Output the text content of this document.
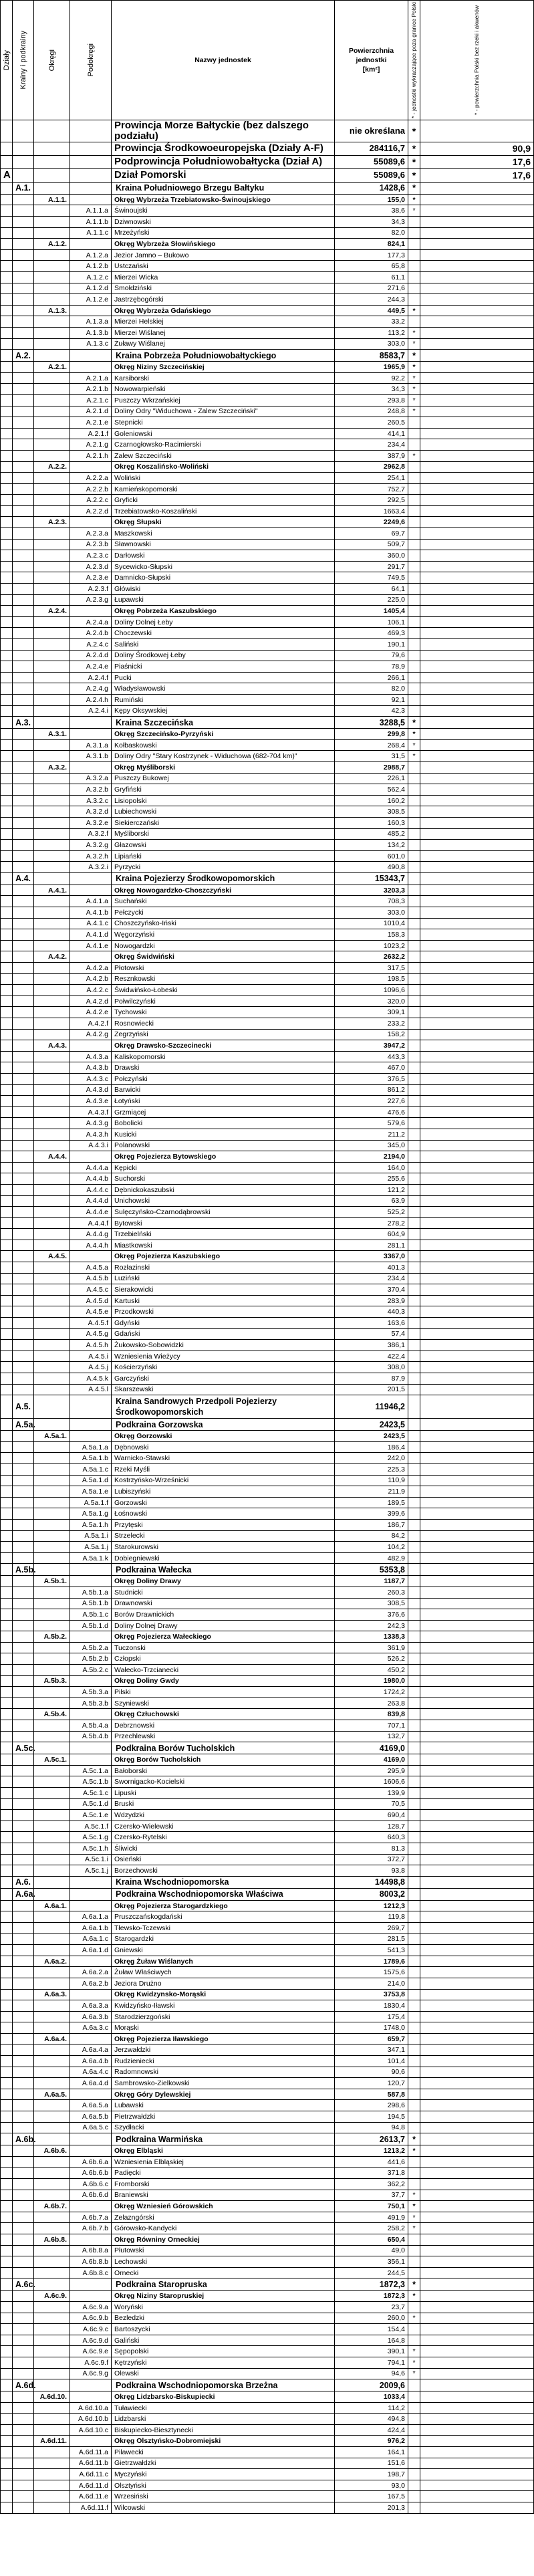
Działy	Krainy i podkrainy	Okręgi	Podokręgi	Nazwy jednostek	Powierzchnia
jednostki
[km²]	* - jednostki wykraczające poza granice Polski	* - powierzchnia Polski bez rzeki i akwenów

				Prowincja Morze Bałtyckie (bez dalszego podziału)	nie określana	*	
				Prowincja Środkowoeuropejska (Działy A-F)	284116,7	*	90,9
				Podprowincja Południowobałtycka (Dział A)	55089,6	*	17,6
A				Dział Pomorski	55089,6	*	17,6
	A.1.			Kraina Południowego Brzegu Bałtyku	1428,6	*	
		A.1.1.		Okręg Wybrzeża Trzebiatowsko-Świnoujskiego	155,0	*	
			A.1.1.a	Świnoujski	38,6	*	
			A.1.1.b	Dziwnowski	34,3		
			A.1.1.c	Mrzeżyński	82,0		
		A.1.2.		Okręg Wybrzeża Słowińskiego	824,1		
			A.1.2.a	Jezior Jamno – Bukowo	177,3		
			A.1.2.b	Ustczański	65,8		
			A.1.2.c	Mierzei Wicka	61,1		
			A.1.2.d	Smołdziński	271,6		
			A.1.2.e	Jastrzębogórski	244,3		
		A.1.3.		Okręg Wybrzeża Gdańskiego	449,5	*	
			A.1.3.a	Mierzei Helskiej	33,2		
			A.1.3.b	Mierzei Wiślanej	113,2	*	
			A.1.3.c	Żuławy Wiślanej	303,0	*	
	A.2.			Kraina Pobrzeża Południowobałtyckiego	8583,7	*	
		A.2.1.		Okręg Niziny Szczecińskiej	1965,9	*	
			A.2.1.a	Karsiborski	92,2	*	
			A.2.1.b	Nowowarpieński	34,3	*	
			A.2.1.c	Puszczy Wkrzańskiej	293,8	*	
			A.2.1.d	Doliny Odry "Widuchowa - Zalew Szczeciński"	248,8	*	
			A.2.1.e	Stepnicki	260,5		
			A.2.1.f	Goleniowski	414,1		
			A.2.1.g	Czarnogłowsko-Racimierski	234,4		
			A.2.1.h	Zalew Szczeciński	387,9	*	
		A.2.2.		Okręg Koszalińsko-Woliński	2962,8		
			A.2.2.a	Woliński	254,1		
			A.2.2.b	Kamieńskopomorski	752,7		
			A.2.2.c	Gryficki	292,5		
			A.2.2.d	Trzebiatowsko-Koszaliński	1663,4		
		A.2.3.		Okręg Słupski	2249,6		
			A.2.3.a	Maszkowski	69,7		
			A.2.3.b	Sławnowski	509,7		
			A.2.3.c	Darłowski	360,0		
			A.2.3.d	Sycewicko-Słupski	291,7		
			A.2.3.e	Damnicko-Słupski	749,5		
			A.2.3.f	Główiski	64,1		
			A.2.3.g	Łupawski	225,0		
		A.2.4.		Okręg Pobrzeża Kaszubskiego	1405,4		
			A.2.4.a	Doliny Dolnej Łeby	106,1		
			A.2.4.b	Choczewski	469,3		
			A.2.4.c	Saliński	190,1		
			A.2.4.d	Doliny Środkowej Łeby	79,6		
			A.2.4.e	Piaśnicki	78,9		
			A.2.4.f	Pucki	266,1		
			A.2.4.g	Władysławowski	82,0		
			A.2.4.h	Rumiński	92,1		
			A.2.4.i	Kępy Oksywskiej	42,3		
	A.3.			Kraina Szczecińska	3288,5	*	
		A.3.1.		Okręg Szczecińsko-Pyrzyński	299,8	*	
			A.3.1.a	Kołbaskowski	268,4	*	
			A.3.1.b	Doliny Odry "Stary Kostrzynek - Widuchowa (682-704 km)"	31,5	*	
		A.3.2.		Okręg Myśliborski	2988,7		
			A.3.2.a	Puszczy Bukowej	226,1		
			A.3.2.b	Gryfiński	562,4		
			A.3.2.c	Lisiopolski	160,2		
			A.3.2.d	Lubiechowski	308,5		
			A.3.2.e	Siekierczański	160,3		
			A.3.2.f	Myśliborski	485,2		
			A.3.2.g	Głazowski	134,2		
			A.3.2.h	Lipiański	601,0		
			A.3.2.i	Pyrzycki	490,8		
	A.4.			Kraina Pojezierzy Środkowopomorskich	15343,7		
		A.4.1.		Okręg Nowogardzko-Choszczyński	3203,3		
			A.4.1.a	Suchański	708,3		
			A.4.1.b	Pełczycki	303,0		
			A.4.1.c	Choszczyńsko-Iński	1010,4		
			A.4.1.d	Węgorzyński	158,3		
			A.4.1.e	Nowogardzki	1023,2		
		A.4.2.		Okręg Świdwiński	2632,2		
			A.4.2.a	Płotowski	317,5		
			A.4.2.b	Resznkowski	198,5		
			A.4.2.c	Świdwińsko-Łobeski	1096,6		
			A.4.2.d	Połwilczyński	320,0		
			A.4.2.e	Tychowski	309,1		
			A.4.2.f	Rosnowiecki	233,2		
			A.4.2.g	Zegrzyński	158,2		
		A.4.3.		Okręg Drawsko-Szczecinecki	3947,2		
			A.4.3.a	Kaliskopomorski	443,3		
			A.4.3.b	Drawski	467,0		
			A.4.3.c	Połczyński	376,5		
			A.4.3.d	Barwicki	861,2		
			A.4.3.e	Łotyński	227,6		
			A.4.3.f	Grzmiącej	476,6		
			A.4.3.g	Bobolicki	579,6		
			A.4.3.h	Kusicki	211,2		
			A.4.3.i	Polanowski	345,0		
		A.4.4.		Okręg Pojezierza Bytowskiego	2194,0		
			A.4.4.a	Kępicki	164,0		
			A.4.4.b	Suchorski	255,6		
			A.4.4.c	Dębnickokaszubski	121,2		
			A.4.4.d	Unichowski	63,9		
			A.4.4.e	Sulęczyńsko-Czarnodąbrowski	525,2		
			A.4.4.f	Bytowski	278,2		
			A.4.4.g	Trzebielński	604,9		
			A.4.4.h	Miastkowski	281,1		
		A.4.5.		Okręg Pojezierza Kaszubskiego	3367,0		
			A.4.5.a	Rozłazinski	401,3		
			A.4.5.b	Luziński	234,4		
			A.4.5.c	Sierakowicki	370,4		
			A.4.5.d	Kartuski	283,9		
			A.4.5.e	Przodkowski	440,3		
			A.4.5.f	Gdyński	163,6		
			A.4.5.g	Gdański	57,4		
			A.4.5.h	Żukowsko-Sobowidzki	386,1		
			A.4.5.i	Wzniesienia Wieżycy	422,4		
			A.4.5.j	Kościerzyński	308,0		
			A.4.5.k	Garczyński	87,9		
			A.4.5.l	Skarszewski	201,5		
	A.5.			Kraina Sandrowych Przedpoli Pojezierzy Środkowopomorskich	11946,2		
	A.5a.			Podkraina Gorzowska	2423,5		
		A.5a.1.		Okręg Gorzowski	2423,5		
			A.5a.1.a	Dębnowski	186,4		
			A.5a.1.b	Warnicko-Stawski	242,0		
			A.5a.1.c	Rzeki Myśli	225,3		
			A.5a.1.d	Kostrzyńsko-Wrześnicki	110,9		
			A.5a.1.e	Lubiszyński	211,9		
			A.5a.1.f	Gorzowski	189,5		
			A.5a.1.g	Łośnowski	399,6		
			A.5a.1.h	Przytęski	186,7		
			A.5a.1.i	Strzelecki	84,2		
			A.5a.1.j	Starokurowski	104,2		
			A.5a.1.k	Dobiegniewski	482,9		
	A.5b.			Podkraina Wałecka	5353,8		
		A.5b.1.		Okręg Doliny Drawy	1187,7		
			A.5b.1.a	Studnicki	260,3		
			A.5b.1.b	Drawnowski	308,5		
			A.5b.1.c	Borów Drawnickich	376,6		
			A.5b.1.d	Doliny Dolnej Drawy	242,3		
		A.5b.2.		Okręg Pojezierza Wałeckiego	1338,3		
			A.5b.2.a	Tuczonski	361,9		
			A.5b.2.b	Człopski	526,2		
			A.5b.2.c	Wałecko-Trzcianecki	450,2		
		A.5b.3.		Okręg Doliny Gwdy	1980,0		
			A.5b.3.a	Pilski	1724,2		
			A.5b.3.b	Szyniewski	263,8		
		A.5b.4.		Okręg Człuchowski	839,8		
			A.5b.4.a	Debrznowski	707,1		
			A.5b.4.b	Przechlewski	132,7		
	A.5c.			Podkraina Borów Tucholskich	4169,0		
		A.5c.1.		Okręg Borów Tucholskich	4169,0		
			A.5c.1.a	Bałoborski	295,9		
			A.5c.1.b	Swornigacko-Kocielski	1606,6		
			A.5c.1.c	Lipuski	139,9		
			A.5c.1.d	Bruski	70,5		
			A.5c.1.e	Wdzydzki	690,4		
			A.5c.1.f	Czersko-Wielewski	128,7		
			A.5c.1.g	Czersko-Rytelski	640,3		
			A.5c.1.h	Śliwicki	81,3		
			A.5c.1.i	Osieński	372,7		
			A.5c.1.j	Borzechowski	93,8		
	A.6.			Kraina Wschodniopomorska	14498,8		
	A.6a.			Podkraina Wschodniopomorska Właściwa	8003,2		
		A.6a.1.		Okręg Pojezierza Starogardzkiego	1212,3		
			A.6a.1.a	Pruszczańskogdański	119,8		
			A.6a.1.b	Tłewsko-Tczewski	269,7		
			A.6a.1.c	Starogardzki	281,5		
			A.6a.1.d	Gniewski	541,3		
		A.6a.2.		Okręg Żuław Wiślanych	1789,6		
			A.6a.2.a	Żuław Właściwych	1575,6		
			A.6a.2.b	Jeziora Drużno	214,0		
		A.6a.3.		Okręg Kwidzynsko-Morąski	3753,8		
			A.6a.3.a	Kwidzyńsko-Iławski	1830,4		
			A.6a.3.b	Starodzierzgoński	175,4		
			A.6a.3.c	Morąski	1748,0		
		A.6a.4.		Okręg Pojezierza Iławskiego	659,7		
			A.6a.4.a	Jerzwałdzki	347,1		
			A.6a.4.b	Rudzieniecki	101,4		
			A.6a.4.c	Radomnowski	90,6		
			A.6a.4.d	Sambrowsko-Zielkowski	120,7		
		A.6a.5.		Okręg Góry Dylewskiej	587,8		
			A.6a.5.a	Lubawski	298,6		
			A.6a.5.b	Pietrzwałdzki	194,5		
			A.6a.5.c	Szydłacki	94,8		
	A.6b.			Podkraina Warmińska	2613,7	*	
		A.6b.6.		Okręg Elbląski	1213,2	*	
			A.6b.6.a	Wzniesienia Elbląskiej	441,6		
			A.6b.6.b	Padięcki	371,8		
			A.6b.6.c	Fromborski	362,2		
			A.6b.6.d	Braniewski	37,7	*	
		A.6b.7.		Okręg Wzniesień Górowskich	750,1	*	
			A.6b.7.a	Zelazngórski	491,9	*	
			A.6b.7.b	Górowsko-Kandycki	258,2	*	
		A.6b.8.		Okręg Równiny Orneckiej	650,4		
			A.6b.8.a	Płutowski	49,0		
			A.6b.8.b	Lechowski	356,1		
			A.6b.8.c	Ornecki	244,5		
	A.6c.			Podkraina Staropruska	1872,3	*	
		A.6c.9.		Okręg Niziny Staropruskiej	1872,3	*	
			A.6c.9.a	Woryński	23,7		
			A.6c.9.b	Bezledzki	260,0	*	
			A.6c.9.c	Bartoszycki	154,4		
			A.6c.9.d	Galiński	164,8		
			A.6c.9.e	Sępopolski	390,1	*	
			A.6c.9.f	Kętrzyński	794,1	*	
			A.6c.9.g	Olewski	94,6	*	
	A.6d.			Podkraina Wschodniopomorska Brzeżna	2009,6		
		A.6d.10.		Okręg Lidzbarsko-Biskupiecki	1033,4		
			A.6d.10.a	Tuławiecki	114,2		
			A.6d.10.b	Lidzbarski	494,8		
			A.6d.10.c	Biskupiecko-Biesztynecki	424,4		
		A.6d.11.		Okręg Olsztyńsko-Dobromiejski	976,2		
			A.6d.11.a	Pilawecki	164,1		
			A.6d.11.b	Gietrzwałdzki	151,6		
			A.6d.11.c	Myczyński	198,7		
			A.6d.11.d	Olsztyński	93,0		
			A.6d.11.e	Wrzesiński	167,5		
			A.6d.11.f	Wilcowski	201,3		
